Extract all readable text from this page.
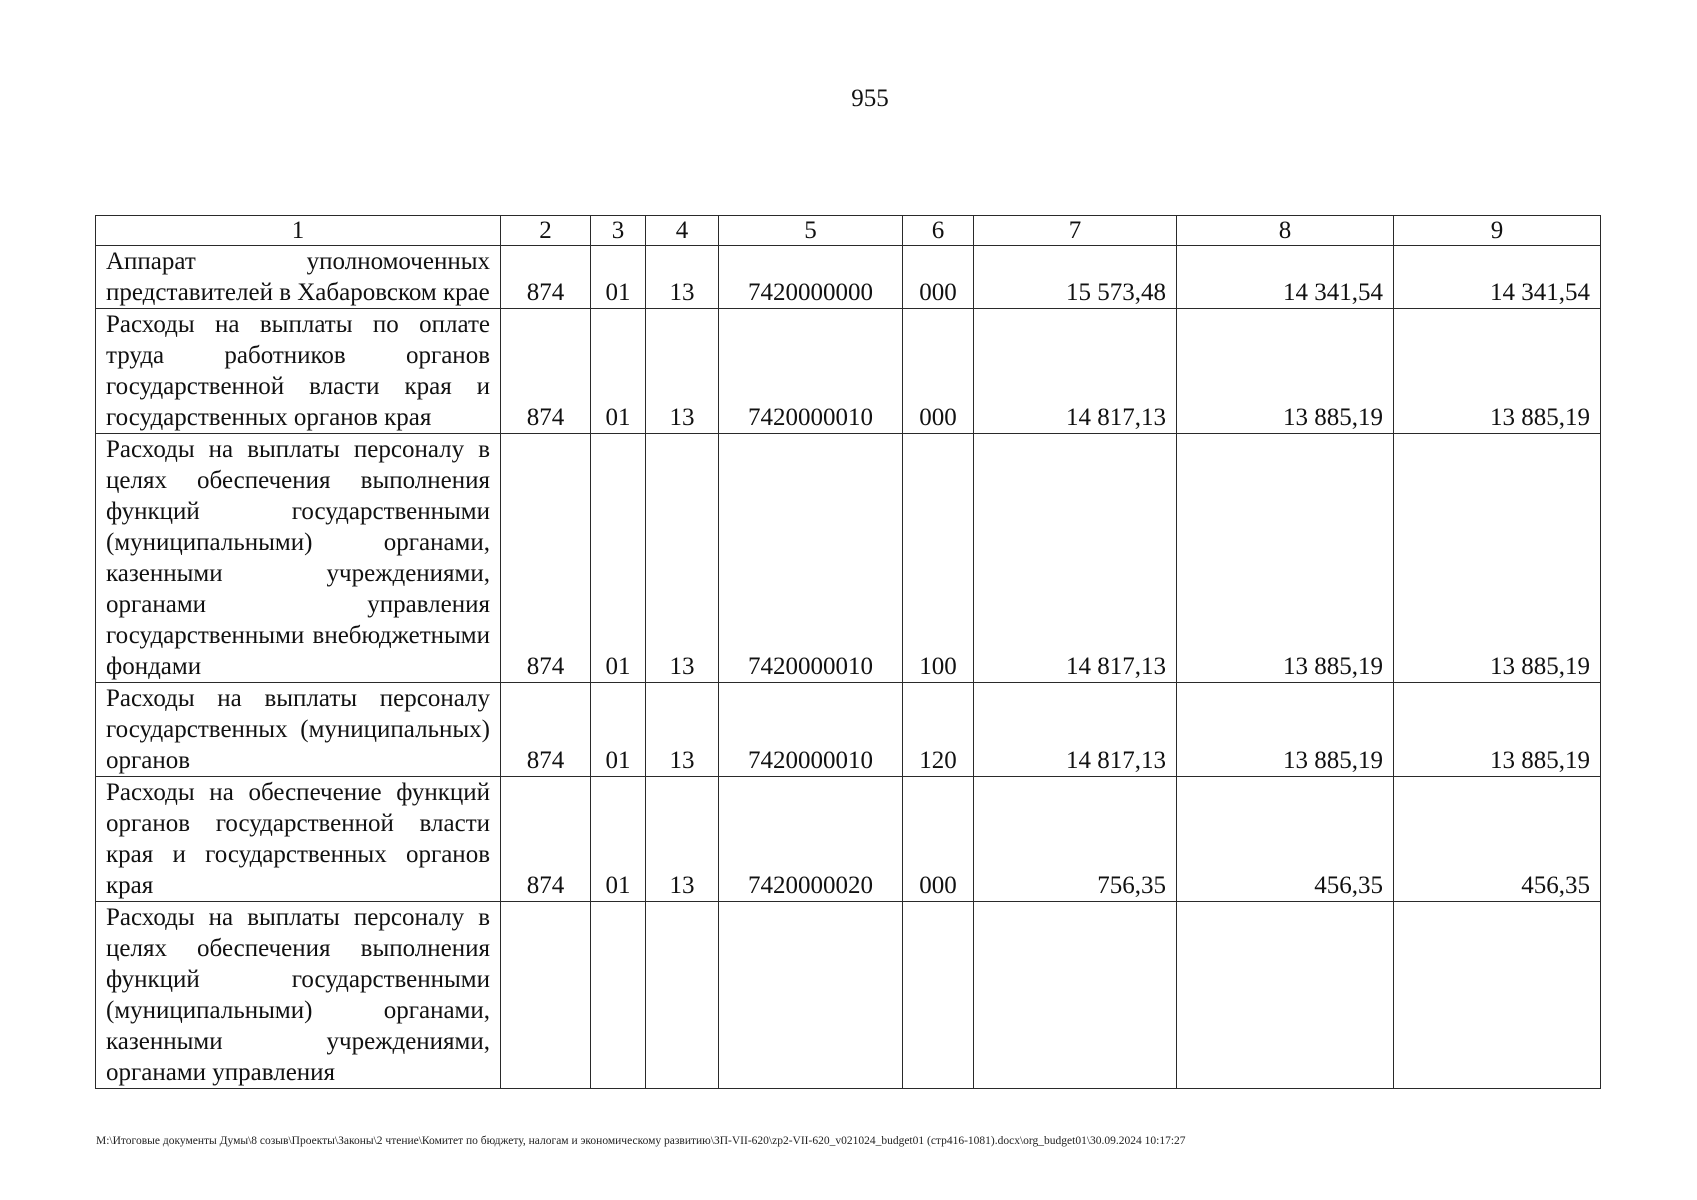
955
1	2	3	4	5	6	7	8	9
Аппарат уполномоченных представителей в Хабаровском крае	874	01	13	7420000000	000	15 573,48	14 341,54	14 341,54
Расходы на выплаты по оплате труда работников органов государственной власти края и государственных органов края	874	01	13	7420000010	000	14 817,13	13 885,19	13 885,19
Расходы на выплаты персоналу в целях обеспечения выполнения функций государственными (муниципальными) органами, казенными учреждениями, органами управления государственными внебюджетными фондами	874	01	13	7420000010	100	14 817,13	13 885,19	13 885,19
Расходы на выплаты персоналу государственных (муниципальных) органов	874	01	13	7420000010	120	14 817,13	13 885,19	13 885,19
Расходы на обеспечение функций органов государственной власти края и государственных органов края	874	01	13	7420000020	000	756,35	456,35	456,35
Расходы на выплаты персоналу в целях обеспечения выполнения функций государственными (муниципальными) органами, казенными учреждениями, органами управления								
М:\Итоговые документы Думы\8 созыв\Проекты\Законы\2 чтение\Комитет по бюджету, налогам и экономическому развитию\ЗП-VII-620\zp2-VII-620_v021024_budget01 (стр416-1081).docx\org_budget01\30.09.2024 10:17:27
